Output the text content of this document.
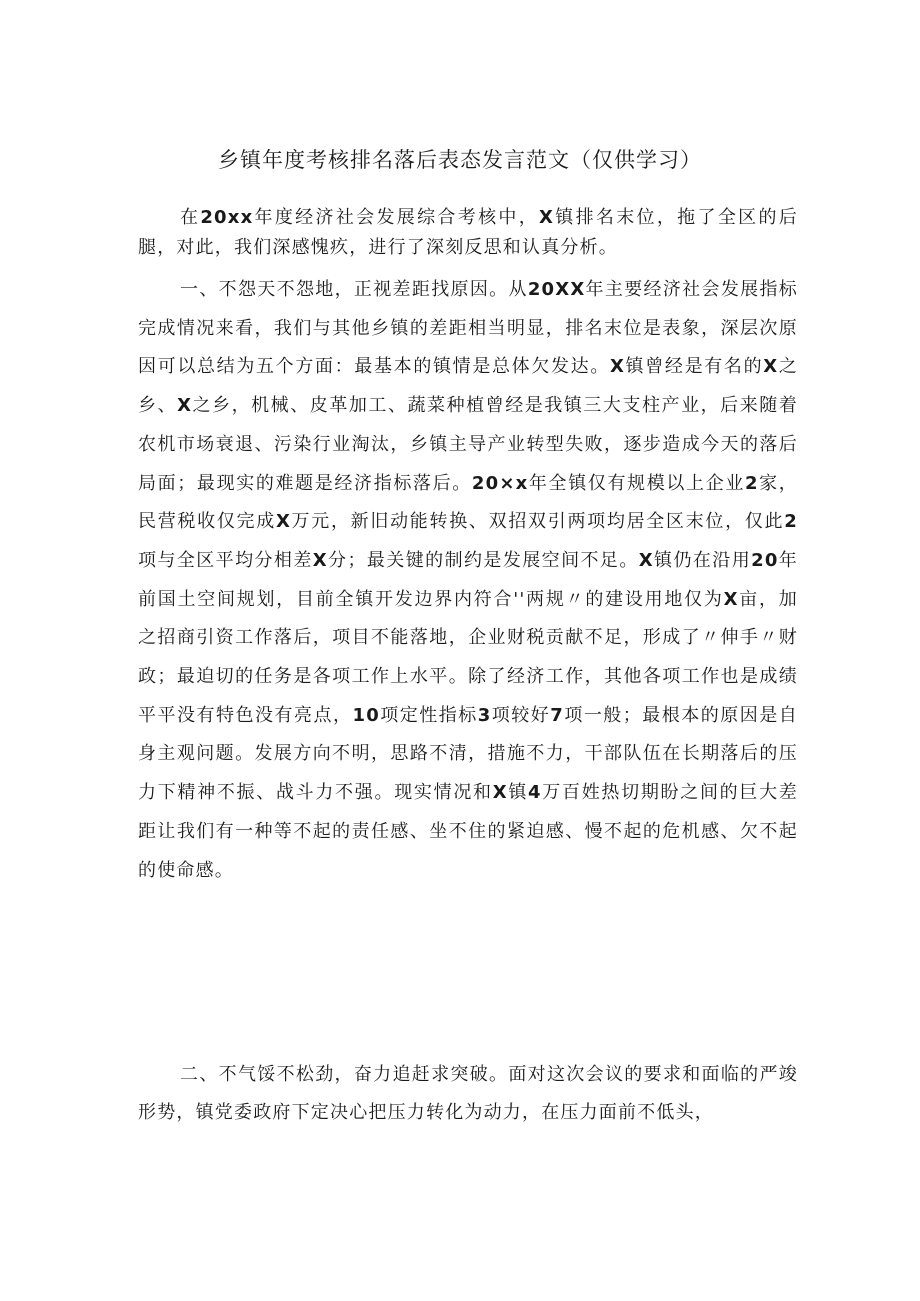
乡镇年度考核排名落后表态发言范文（仅供学习）

在20xx年度经济社会发展综合考核中，X镇排名末位，拖了全区的后腿，对此，我们深感愧疚，进行了深刻反思和认真分析。

一、不怨天不怨地，正视差距找原因。从20XX年主要经济社会发展指标完成情况来看，我们与其他乡镇的差距相当明显，排名末位是表象，深层次原因可以总结为五个方面：最基本的镇情是总体欠发达。X镇曾经是有名的X之乡、X之乡，机械、皮革加工、蔬菜种植曾经是我镇三大支柱产业，后来随着农机市场衰退、污染行业淘汰，乡镇主导产业转型失败，逐步造成今天的落后局面；最现实的难题是经济指标落后。20×x年全镇仅有规模以上企业2家，民营税收仅完成X万元，新旧动能转换、双招双引两项均居全区末位，仅此2项与全区平均分相差X分；最关键的制约是发展空间不足。X镇仍在沿用20年前国土空间规划，目前全镇开发边界内符合''两规〃的建设用地仅为X亩，加之招商引资工作落后，项目不能落地，企业财税贡献不足，形成了〃伸手〃财政；最迫切的任务是各项工作上水平。除了经济工作，其他各项工作也是成绩平平没有特色没有亮点，10项定性指标3项较好7项一般；最根本的原因是自身主观问题。发展方向不明，思路不清，措施不力，干部队伍在长期落后的压力下精神不振、战斗力不强。现实情况和X镇4万百姓热切期盼之间的巨大差距让我们有一种等不起的责任感、坐不住的紧迫感、慢不起的危机感、欠不起的使命感。

二、不气馁不松劲，奋力追赶求突破。面对这次会议的要求和面临的严竣形势，镇党委政府下定决心把压力转化为动力，在压力面前不低头，
